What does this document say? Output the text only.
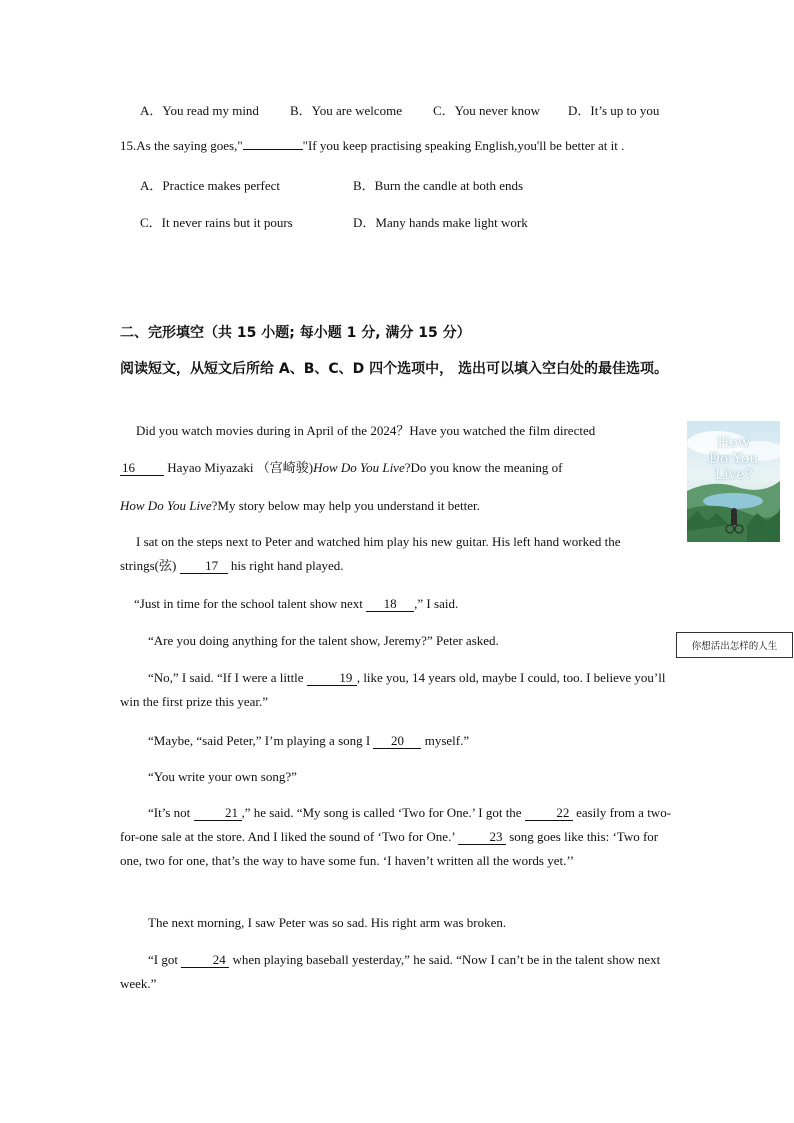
A．You read my mind B．You are welcome C．You never know D．It’s up to you
15.As the saying goes,"	"If you keep practising speaking English,you'll be better at it .
A．Practice makes perfect	B．Burn the candle at both ends
C．It never rains but it pours	D．Many hands make light work
二、完形填空（共 15 小题; 每小题 1 分, 满分 15 分）
阅读短文，从短文后所给 A、B、C、D 四个选项中， 选出可以填入空白处的最佳选项。
Did you watch movies during in April of the 2024？Have you watched the film directed
16 Hayao Miyazaki （宫崎骏)How Do You Live?Do you know the meaning of
How Do You Live?My story below may help you understand it better.
How
Do You
Live?
I sat on the steps next to Peter and watched him play his new guitar. His left hand worked the strings(弦) 17 his right hand played.
“Just in time for the school talent show next 18 ,” I said.
“Are you doing anything for the talent show, Jeremy?” Peter asked.	你想活出怎样的人生
“No,” I said. “If I were a little	19 , like you, 14 years old, maybe I could, too. I believe you’ll win the first prize this year.”
“Maybe, “said Peter,” I’m playing a song I 20 myself.”
“You write your own song?”
“It’s not	21 ,” he said. “My song is called ‘Two for One.’ I got the	22 easily from a two-for-one sale at the store. And I liked the sound of ‘Two for One.’	23 song goes like this: ‘Two for one, two for one, that’s the way to have some fun. ‘I haven’t written all the words yet.’’
The next morning, I saw Peter was so sad. His right arm was broken.
“I got	24 when playing baseball yesterday,” he said. “Now I can’t be in the talent show next week.”
